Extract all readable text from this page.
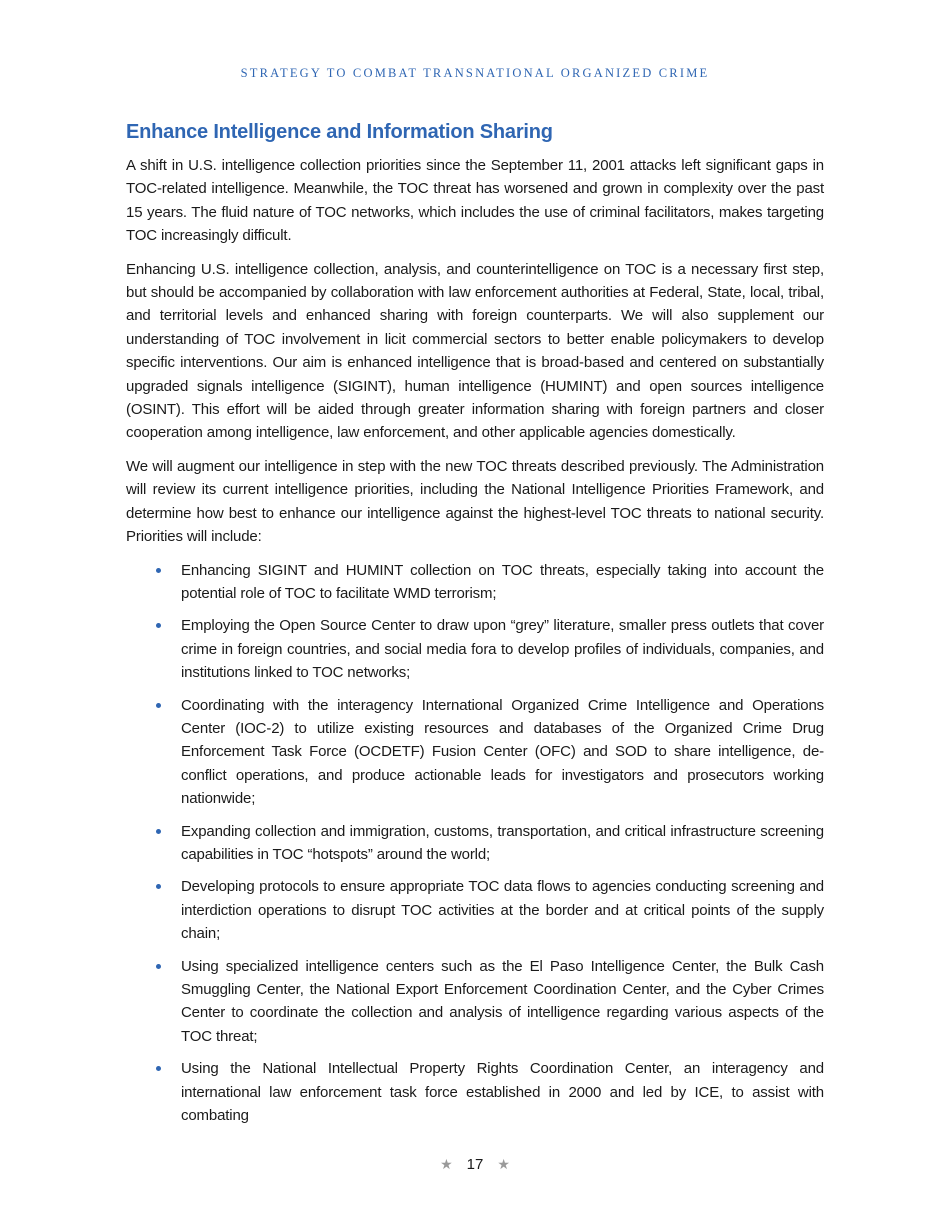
STRATEGY TO COMBAT TRANSNATIONAL ORGANIZED CRIME
Enhance Intelligence and Information Sharing

A shift in U.S. intelligence collection priorities since the September 11, 2001 attacks left significant gaps in TOC-related intelligence. Meanwhile, the TOC threat has worsened and grown in complexity over the past 15 years. The fluid nature of TOC networks, which includes the use of criminal facilitators, makes targeting TOC increasingly difficult.

Enhancing U.S. intelligence collection, analysis, and counterintelligence on TOC is a necessary first step, but should be accompanied by collaboration with law enforcement authorities at Federal, State, local, tribal, and territorial levels and enhanced sharing with foreign counterparts. We will also supplement our understanding of TOC involvement in licit commercial sectors to better enable policymakers to develop specific interventions. Our aim is enhanced intelligence that is broad-based and centered on substantially upgraded signals intelligence (SIGINT), human intelligence (HUMINT) and open sources intelligence (OSINT). This effort will be aided through greater information sharing with foreign partners and closer cooperation among intelligence, law enforcement, and other applicable agencies domestically.

We will augment our intelligence in step with the new TOC threats described previously. The Administration will review its current intelligence priorities, including the National Intelligence Priorities Framework, and determine how best to enhance our intelligence against the highest-level TOC threats to national security. Priorities will include:

Enhancing SIGINT and HUMINT collection on TOC threats, especially taking into account the potential role of TOC to facilitate WMD terrorism;
Employing the Open Source Center to draw upon “grey” literature, smaller press outlets that cover crime in foreign countries, and social media fora to develop profiles of individuals, companies, and institutions linked to TOC networks;
Coordinating with the interagency International Organized Crime Intelligence and Operations Center (IOC-2) to utilize existing resources and databases of the Organized Crime Drug Enforcement Task Force (OCDETF) Fusion Center (OFC) and SOD to share intelligence, de-conflict operations, and produce actionable leads for investigators and prosecutors working nationwide;
Expanding collection and immigration, customs, transportation, and critical infrastructure screening capabilities in TOC “hotspots” around the world;
Developing protocols to ensure appropriate TOC data flows to agencies conducting screening and interdiction operations to disrupt TOC activities at the border and at critical points of the supply chain;
Using specialized intelligence centers such as the El Paso Intelligence Center, the Bulk Cash Smuggling Center, the National Export Enforcement Coordination Center, and the Cyber Crimes Center to coordinate the collection and analysis of intelligence regarding various aspects of the TOC threat;
Using the National Intellectual Property Rights Coordination Center, an interagency and international law enforcement task force established in 2000 and led by ICE, to assist with combating
★ 17 ★
